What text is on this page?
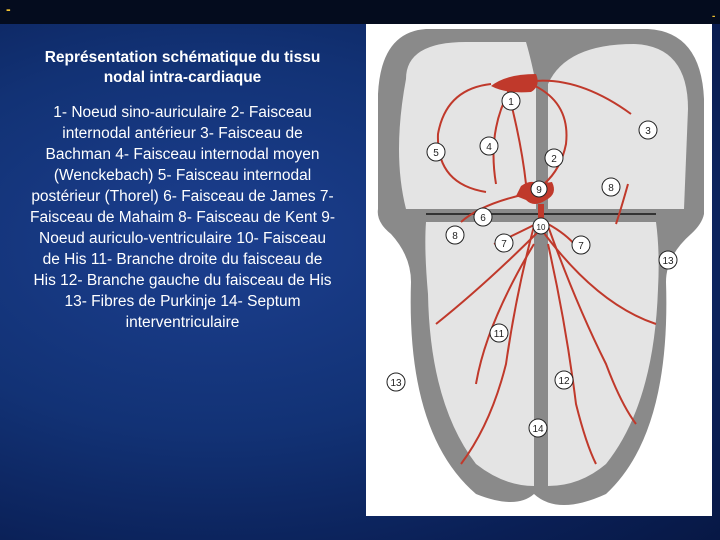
-	-

Représentation schématique du tissu nodal intra-cardiaque

1- Noeud sino-auriculaire 2- Faisceau internodal antérieur 3- Faisceau de Bachman 4- Faisceau internodal moyen (Wenckebach) 5- Faisceau internodal postérieur (Thorel) 6- Faisceau de James 7- Faisceau de Mahaim 8- Faisceau de Kent 9- Noeud auriculo-ventriculaire 10- Faisceau de His 11- Branche droite du faisceau de His 12- Branche gauche du faisceau de His 13- Fibres de Purkinje 14- Septum interventriculaire

1
2
3
4
5
6
7	7
8
8
9
10
11
12
13
13
14
